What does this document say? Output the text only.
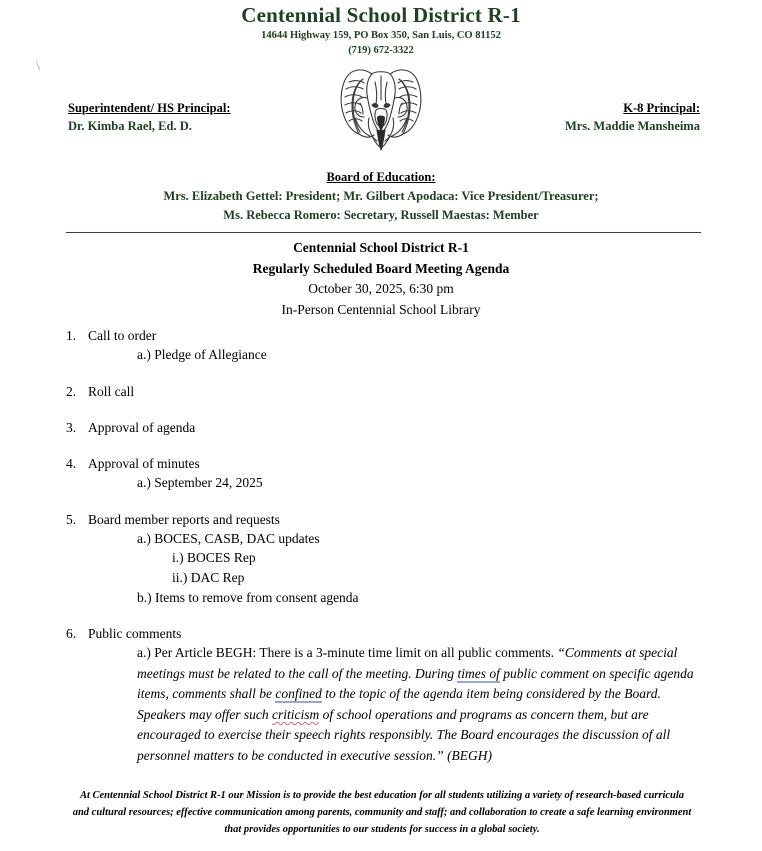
\
Centennial School District R-1
14644 Highway 159, PO Box 350, San Luis, CO 81152
(719) 672-3322
Superintendent/ HS Principal:
Dr. Kimba Rael, Ed. D.
K-8 Principal:
Mrs. Maddie Mansheima
Board of Education:
Mrs. Elizabeth Gettel: President; Mr. Gilbert Apodaca: Vice President/Treasurer;
Ms. Rebecca Romero: Secretary, Russell Maestas: Member
Centennial School District R-1
Regularly Scheduled Board Meeting Agenda
October 30, 2025, 6:30 pm
In-Person Centennial School Library
1. Call to order
a.) Pledge of Allegiance
2. Roll call
3. Approval of agenda
4. Approval of minutes
a.) September 24, 2025
5. Board member reports and requests
a.) BOCES, CASB, DAC updates
i.) BOCES Rep
ii.) DAC Rep
b.) Items to remove from consent agenda
6. Public comments
a.) Per Article BEGH: There is a 3-minute time limit on all public comments. “Comments at special meetings must be related to the call of the meeting. During times of public comment on specific agenda items, comments shall be confined to the topic of the agenda item being considered by the Board. Speakers may offer such criticism of school operations and programs as concern them, but are encouraged to exercise their speech rights responsibly. The Board encourages the discussion of all personnel matters to be conducted in executive session.” (BEGH)
At Centennial School District R-1 our Mission is to provide the best education for all students utilizing a variety of research-based curricula and cultural resources; effective communication among parents, community and staff; and collaboration to create a safe learning environment that provides opportunities to our students for success in a global society.
